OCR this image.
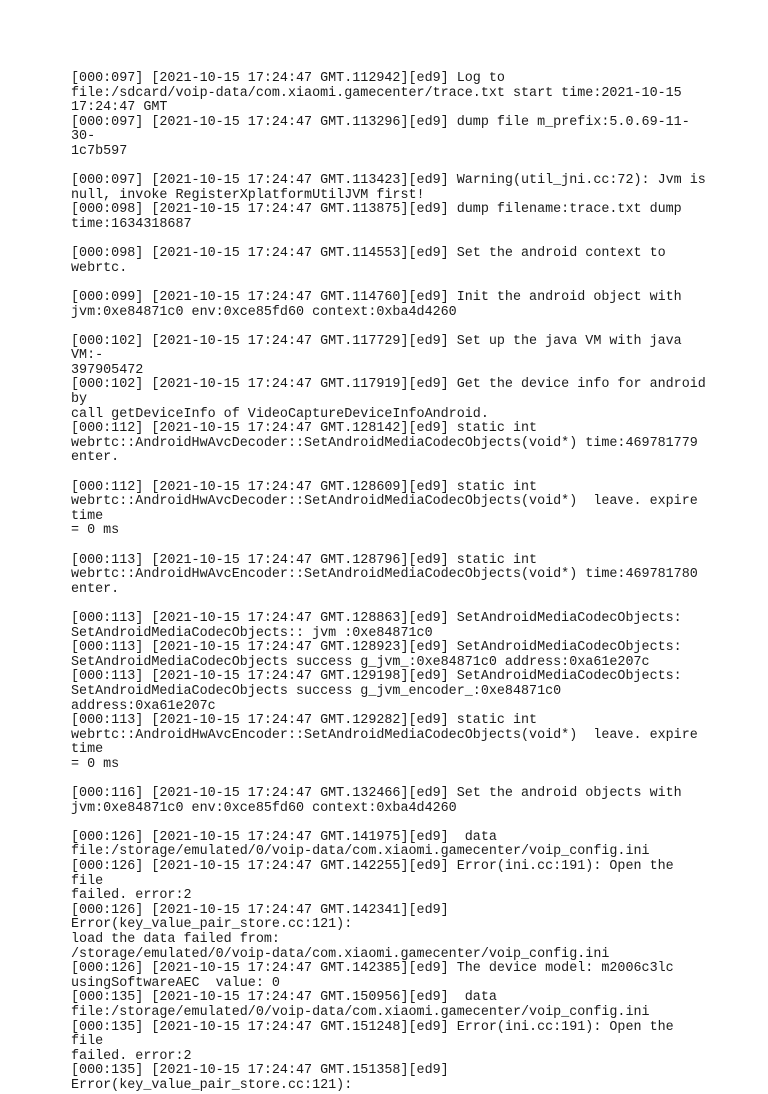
[000:097] [2021-10-15 17:24:47 GMT.112942][ed9] Log to
file:/sdcard/voip-data/com.xiaomi.gamecenter/trace.txt start time:2021-10-15
17:24:47 GMT

[000:097] [2021-10-15 17:24:47 GMT.113296][ed9] dump file m_prefix:5.0.69-11-30-
1c7b597

[000:097] [2021-10-15 17:24:47 GMT.113423][ed9] Warning(util_jni.cc:72): Jvm is
null, invoke RegisterXplatformUtilJVM first!

[000:098] [2021-10-15 17:24:47 GMT.113875][ed9] dump filename:trace.txt dump
time:1634318687

[000:098] [2021-10-15 17:24:47 GMT.114553][ed9] Set the android context to webrtc.

[000:099] [2021-10-15 17:24:47 GMT.114760][ed9] Init the android object with
jvm:0xe84871c0 env:0xce85fd60 context:0xba4d4260

[000:102] [2021-10-15 17:24:47 GMT.117729][ed9] Set up the java VM with java VM:-
397905472

[000:102] [2021-10-15 17:24:47 GMT.117919][ed9] Get the device info for android by
call getDeviceInfo of VideoCaptureDeviceInfoAndroid.

[000:112] [2021-10-15 17:24:47 GMT.128142][ed9] static int
webrtc::AndroidHwAvcDecoder::SetAndroidMediaCodecObjects(void*) time:469781779
enter.

[000:112] [2021-10-15 17:24:47 GMT.128609][ed9] static int
webrtc::AndroidHwAvcDecoder::SetAndroidMediaCodecObjects(void*)  leave. expire time
= 0 ms

[000:113] [2021-10-15 17:24:47 GMT.128796][ed9] static int
webrtc::AndroidHwAvcEncoder::SetAndroidMediaCodecObjects(void*) time:469781780
enter.

[000:113] [2021-10-15 17:24:47 GMT.128863][ed9] SetAndroidMediaCodecObjects:
SetAndroidMediaCodecObjects:: jvm :0xe84871c0

[000:113] [2021-10-15 17:24:47 GMT.128923][ed9] SetAndroidMediaCodecObjects:
SetAndroidMediaCodecObjects success g_jvm_:0xe84871c0 address:0xa61e207c

[000:113] [2021-10-15 17:24:47 GMT.129198][ed9] SetAndroidMediaCodecObjects:
SetAndroidMediaCodecObjects success g_jvm_encoder_:0xe84871c0 address:0xa61e207c

[000:113] [2021-10-15 17:24:47 GMT.129282][ed9] static int
webrtc::AndroidHwAvcEncoder::SetAndroidMediaCodecObjects(void*)  leave. expire time
= 0 ms

[000:116] [2021-10-15 17:24:47 GMT.132466][ed9] Set the android objects with
jvm:0xe84871c0 env:0xce85fd60 context:0xba4d4260

[000:126] [2021-10-15 17:24:47 GMT.141975][ed9]  data
file:/storage/emulated/0/voip-data/com.xiaomi.gamecenter/voip_config.ini

[000:126] [2021-10-15 17:24:47 GMT.142255][ed9] Error(ini.cc:191): Open the file
failed. error:2

[000:126] [2021-10-15 17:24:47 GMT.142341][ed9] Error(key_value_pair_store.cc:121):
load the data failed from:
/storage/emulated/0/voip-data/com.xiaomi.gamecenter/voip_config.ini

[000:126] [2021-10-15 17:24:47 GMT.142385][ed9] The device model: m2006c3lc
usingSoftwareAEC  value: 0

[000:135] [2021-10-15 17:24:47 GMT.150956][ed9]  data
file:/storage/emulated/0/voip-data/com.xiaomi.gamecenter/voip_config.ini

[000:135] [2021-10-15 17:24:47 GMT.151248][ed9] Error(ini.cc:191): Open the file
failed. error:2

[000:135] [2021-10-15 17:24:47 GMT.151358][ed9] Error(key_value_pair_store.cc:121):
